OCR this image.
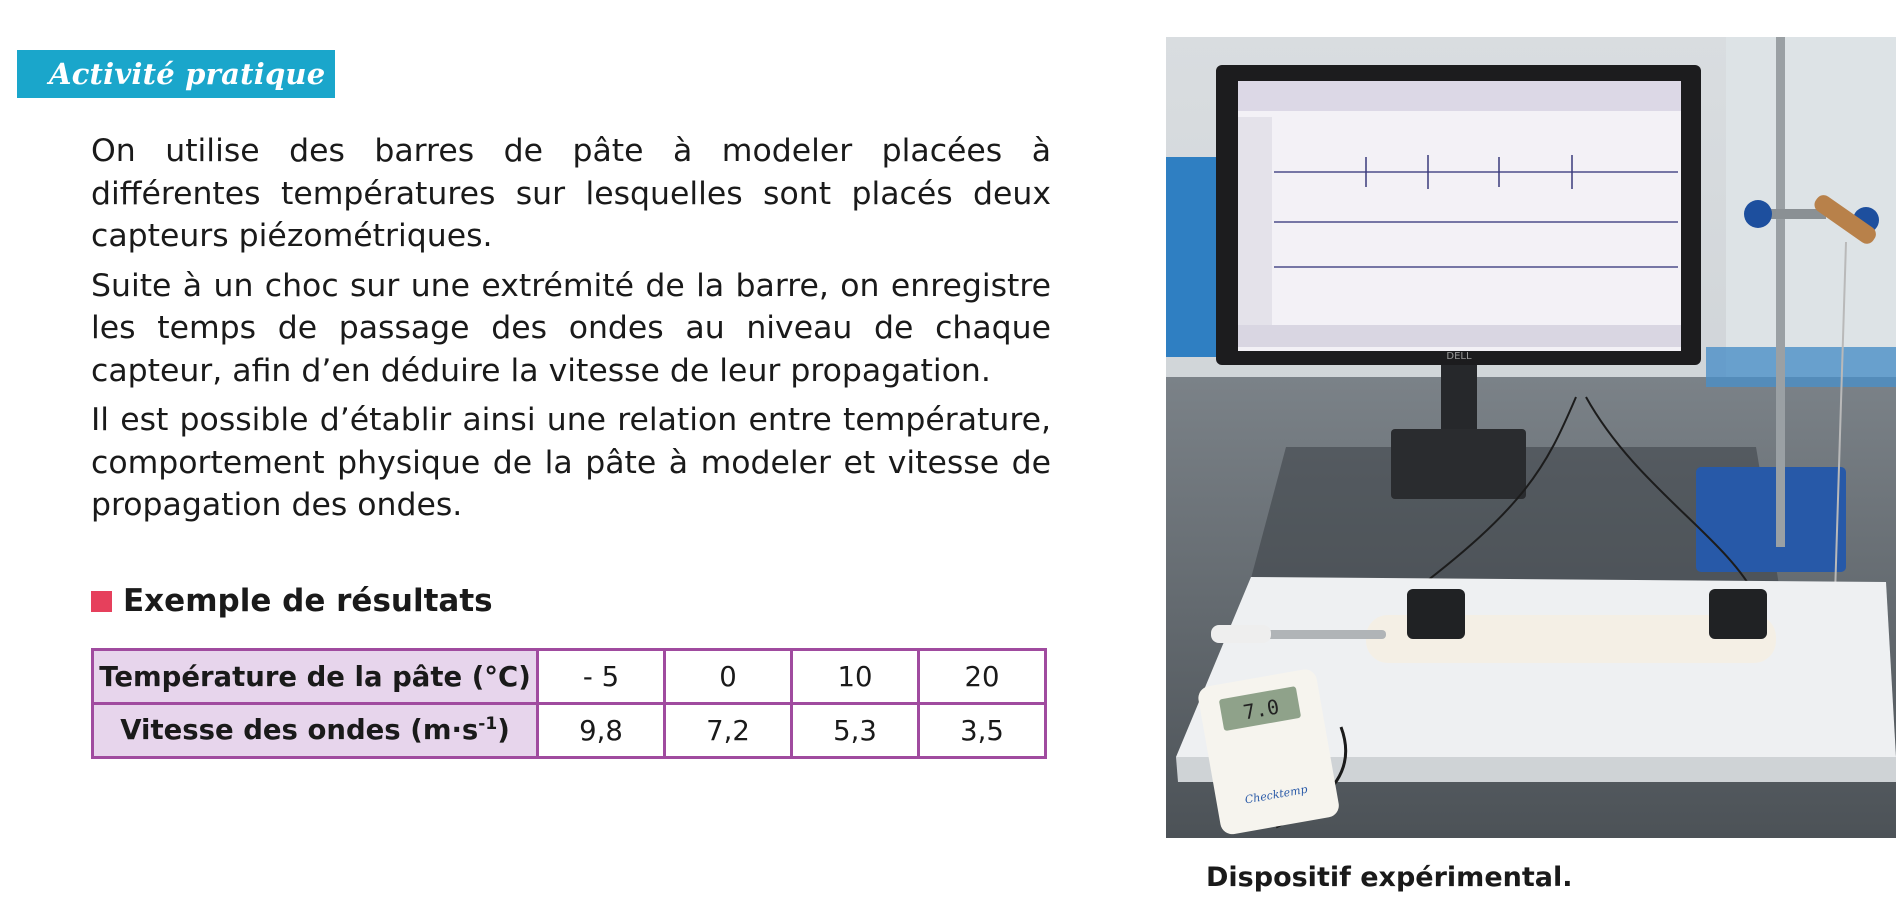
Activité pratique

On utilise des barres de pâte à modeler placées à différentes températures sur lesquelles sont placés deux capteurs piézométriques.

Suite à un choc sur une extrémité de la barre, on enregistre les temps de passage des ondes au niveau de chaque capteur, afin d’en déduire la vitesse de leur propagation.

Il est possible d’établir ainsi une relation entre température, comportement physique de la pâte à modeler et vitesse de propagation des ondes.

Exemple de résultats
Température de la pâte (°C)	- 5	0	10	20
Vitesse des ondes $(m\cdot s^{-1})$	9,8	7,2	5,3	3,5
DELL
7.0
Checktemp
Dispositif expérimental.
